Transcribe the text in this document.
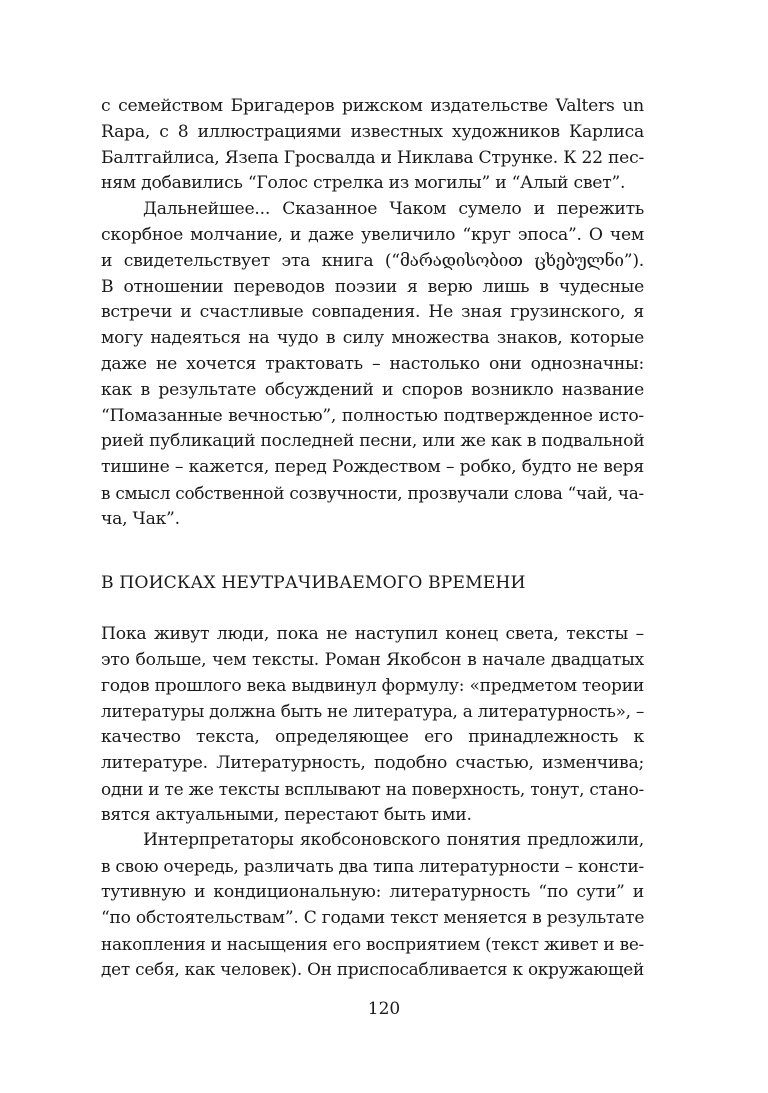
с семейством Бригадеров рижском издательстве Valters un
Rapa, с 8 иллюстрациями известных художников Карлиса
Балтгайлиса, Язепа Гросвалда и Никлава Струнке. К 22 пес-
ням добавились “Голос стрелка из могилы” и “Алый свет”.
Дальнейшее... Сказанное Чаком сумело и пережить
скорбное молчание, и даже увеличило “круг эпоса”. О чем
и свидетельствует эта книга (“მარადისობით ცხებულნი”).
В отношении переводов поэзии я верю лишь в чудесные
встречи и счастливые совпадения. Не зная грузинского, я
могу надеяться на чудо в силу множества знаков, которые
даже не хочется трактовать – настолько они однозначны:
как в результате обсуждений и споров возникло название
“Помазанные вечностью”, полностью подтвержденное исто-
рией публикаций последней песни, или же как в подвальной
тишине – кажется, перед Рождеством – робко, будто не веря
в смысл собственной созвучности, прозвучали слова “чай, ча-
ча, Чак”.
В ПОИСКАХ НЕУТРАЧИВАЕМОГО ВРЕМЕНИ
Пока живут люди, пока не наступил конец света, тексты –
это больше, чем тексты. Роман Якобсон в начале двадцатых
годов прошлого века выдвинул формулу: «предметом теории
литературы должна быть не литература, а литературность», –
качество текста, определяющее его принадлежность к
литературе. Литературность, подобно счастью, изменчива;
одни и те же тексты всплывают на поверхность, тонут, стано-
вятся актуальными, перестают быть ими.
Интерпретаторы якобсоновского понятия предложили,
в свою очередь, различать два типа литературности – консти-
тутивную и кондициональную: литературность “по сути” и
“по обстоятельствам”. С годами текст меняется в результате
накопления и насыщения его восприятием (текст живет и ве-
дет себя, как человек). Он приспосабливается к окружающей
120
